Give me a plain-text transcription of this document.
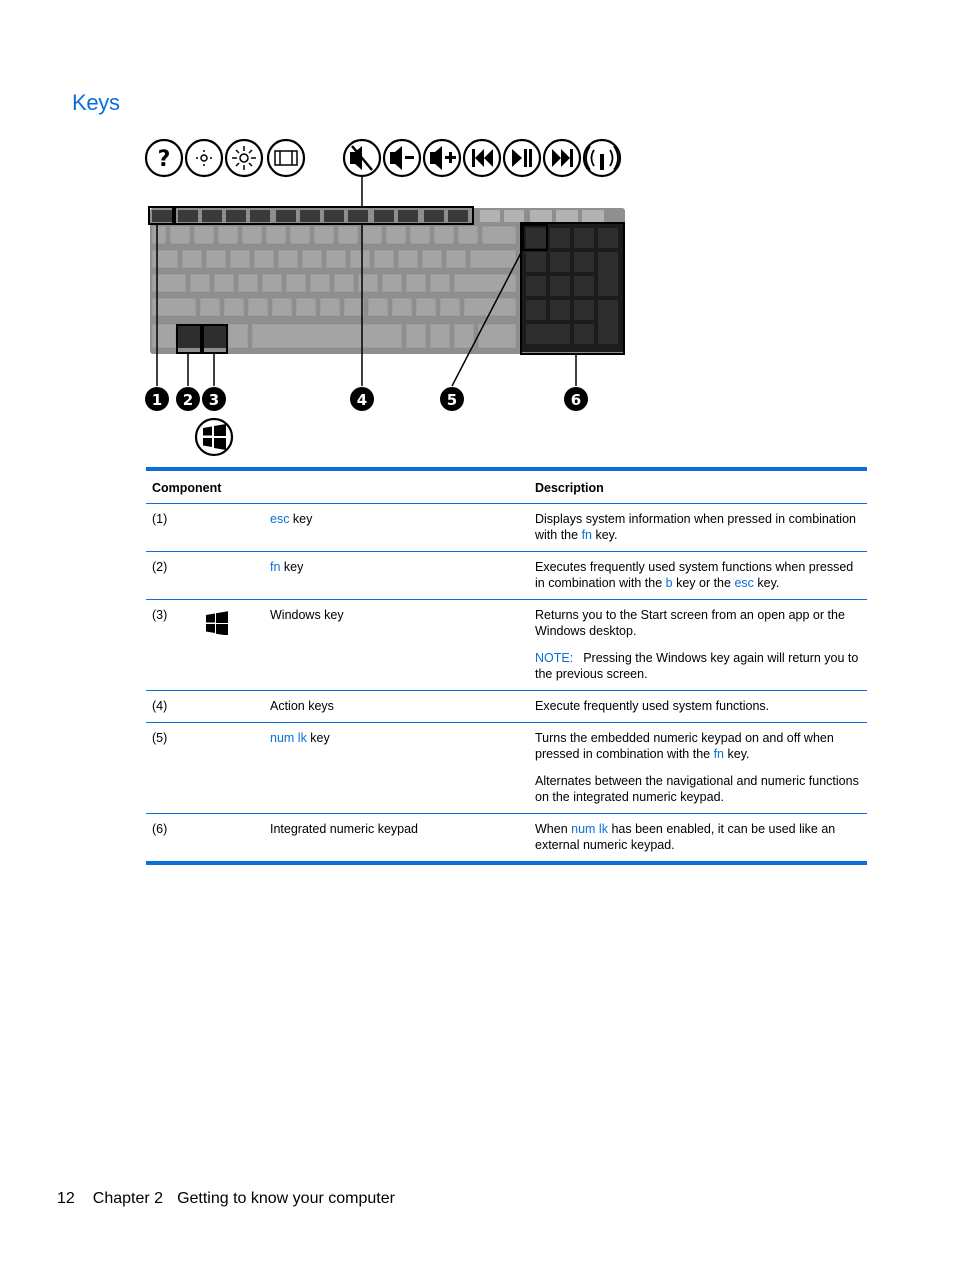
Keys
?
1 2 3	4	5	6
Component			Description
(1)		esc key	Displays system information when pressed in combination with the fn key.

(2)		fn key	Executes frequently used system functions when pressed in combination with the b key or the esc key.

(3)		Windows key	Returns you to the Start screen from an open app or the Windows desktop.

NOTE: Pressing the Windows key again will return you to the previous screen.

(4)		Action keys	Execute frequently used system functions.

(5)		num lk key	Turns the embedded numeric keypad on and off when pressed in combination with the fn key.

Alternates between the navigational and numeric functions on the integrated numeric keypad.

(6)		Integrated numeric keypad	When num lk has been enabled, it can be used like an external numeric keypad.

12 Chapter 2 Getting to know your computer
